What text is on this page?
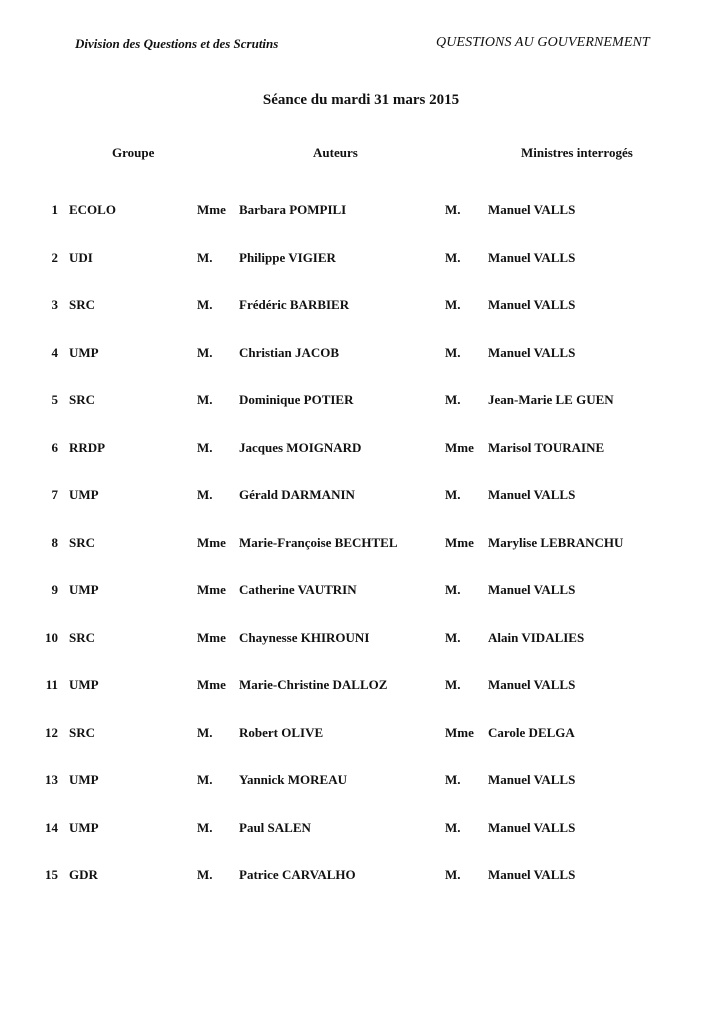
Division des Questions et des Scrutins	QUESTIONS AU GOUVERNEMENT
Séance du mardi 31 mars 2015
Groupe	Auteurs	Ministres interrogés
1 ECOLO	Mme Barbara POMPILI	M. Manuel VALLS
2 UDI	M. Philippe VIGIER	M. Manuel VALLS
3 SRC	M. Frédéric BARBIER	M. Manuel VALLS
4 UMP	M. Christian JACOB	M. Manuel VALLS
5 SRC	M. Dominique POTIER	M. Jean-Marie LE GUEN
6 RRDP	M. Jacques MOIGNARD	Mme Marisol TOURAINE
7 UMP	M. Gérald DARMANIN	M. Manuel VALLS
8 SRC	Mme Marie-Françoise BECHTEL	Mme Marylise LEBRANCHU
9 UMP	Mme Catherine VAUTRIN	M. Manuel VALLS
10 SRC	Mme Chaynesse KHIROUNI	M. Alain VIDALIES
11 UMP	Mme Marie-Christine DALLOZ	M. Manuel VALLS
12 SRC	M. Robert OLIVE	Mme Carole DELGA
13 UMP	M. Yannick MOREAU	M. Manuel VALLS
14 UMP	M. Paul SALEN	M. Manuel VALLS
15 GDR	M. Patrice CARVALHO	M. Manuel VALLS
